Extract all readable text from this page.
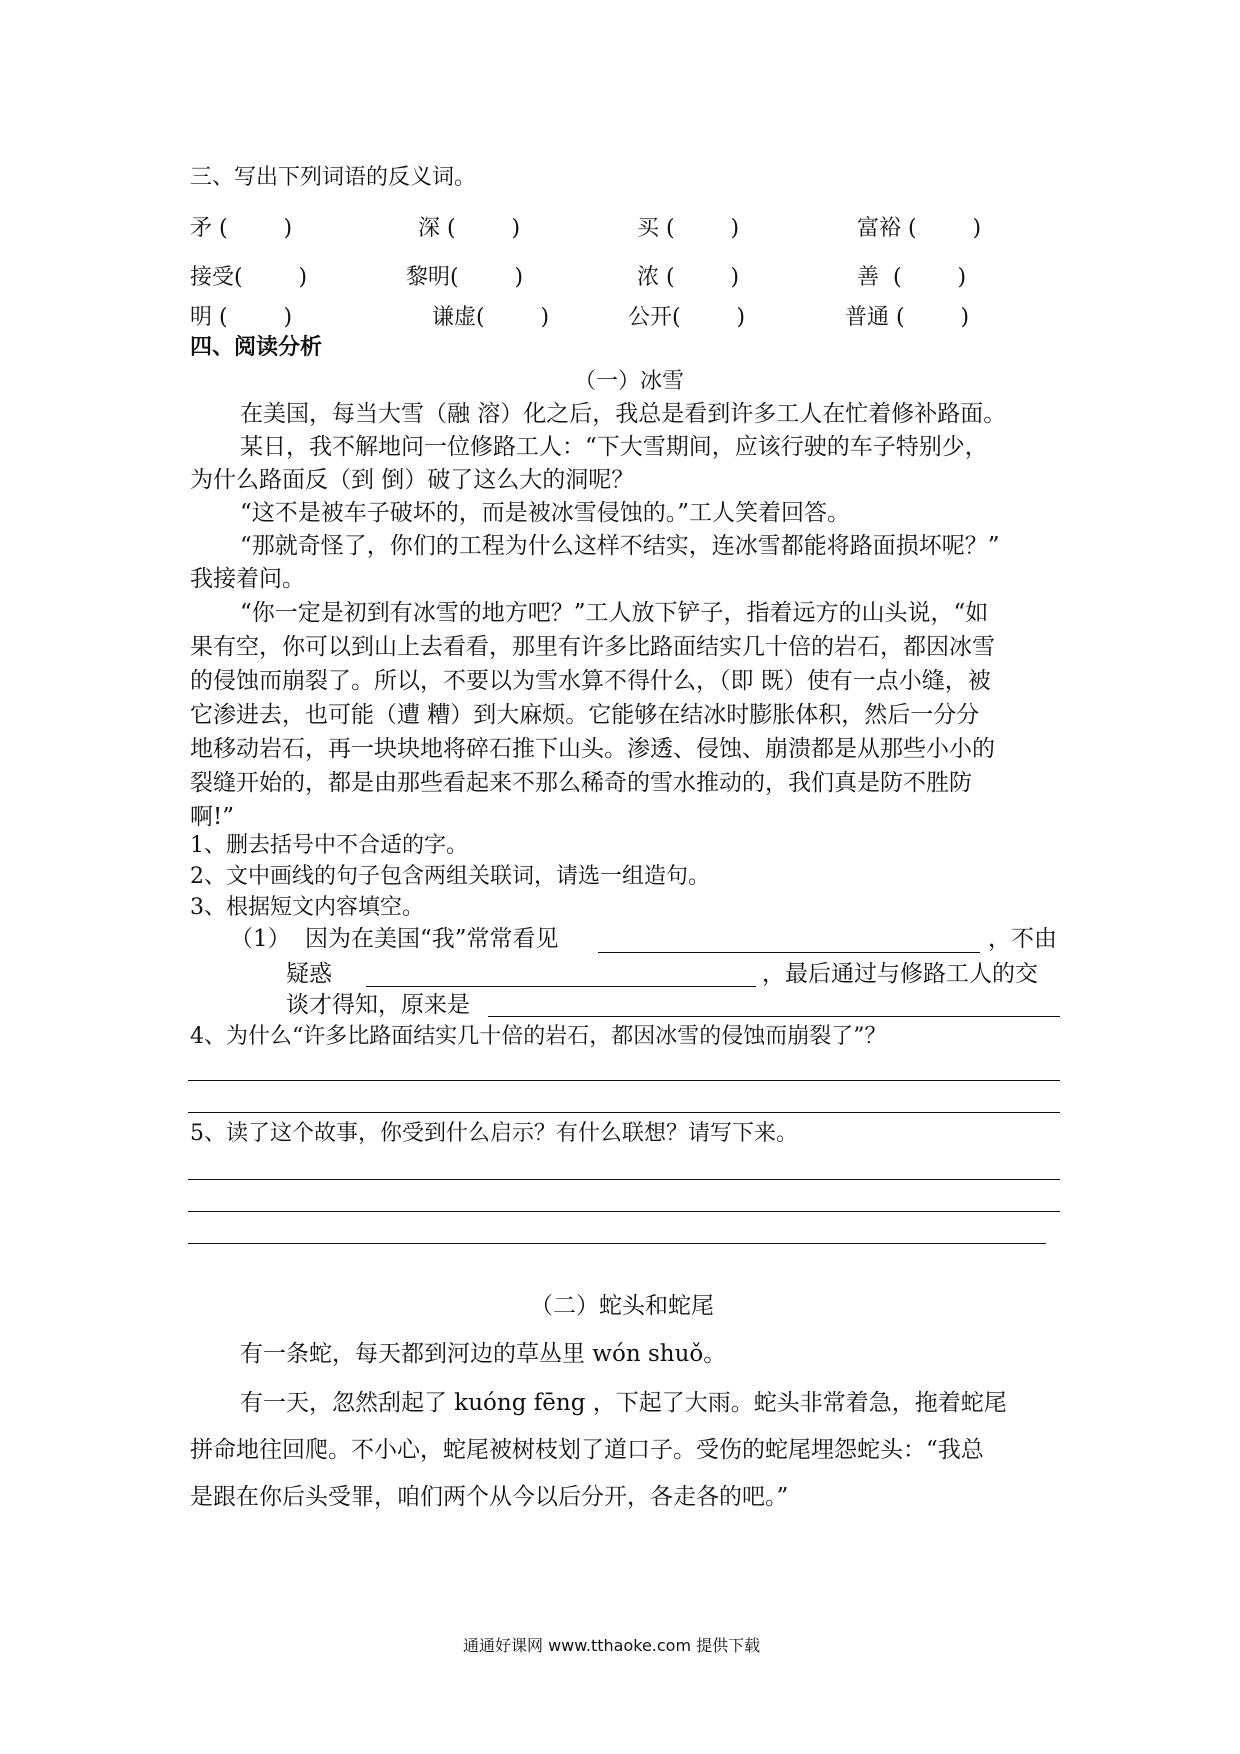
三、写出下列词语的反义词。
矛 (        )	深 (        )	买 (        )	富裕 (        )
接受(        )	黎明(        )	浓 (        )	善  (        )
明 (        )	谦虚(        )	公开(        )	普通 (        )
四、阅读分析
（一）冰雪
在美国，每当大雪（融 溶）化之后，我总是看到许多工人在忙着修补路面。
某日，我不解地问一位修路工人：“下大雪期间，应该行驶的车子特别少，
为什么路面反（到 倒）破了这么大的洞呢？
“这不是被车子破坏的，而是被冰雪侵蚀的。”工人笑着回答。
“那就奇怪了，你们的工程为什么这样不结实，连冰雪都能将路面损坏呢？”
我接着问。
“你一定是初到有冰雪的地方吧？”工人放下铲子，指着远方的山头说，“如
果有空，你可以到山上去看看，那里有许多比路面结实几十倍的岩石，都因冰雪
的侵蚀而崩裂了。所以，不要以为雪水算不得什么，（即 既）使有一点小缝，被
它渗进去，也可能（遭 糟）到大麻烦。它能够在结冰时膨胀体积，然后一分分
地移动岩石，再一块块地将碎石推下山头。渗透、侵蚀、崩溃都是从那些小小的
裂缝开始的，都是由那些看起来不那么稀奇的雪水推动的，我们真是防不胜防
啊!”
1、删去括号中不合适的字。
2、文中画线的句子包含两组关联词，请选一组造句。
3、根据短文内容填空。
（1） 因为在美国“我”常常看见	，不由
疑惑	，最后通过与修路工人的交
谈才得知，原来是
4、为什么“许多比路面结实几十倍的岩石，都因冰雪的侵蚀而崩裂了”？
5、读了这个故事，你受到什么启示？有什么联想？请写下来。
（二）蛇头和蛇尾
有一条蛇，每天都到河边的草丛里 wón shuǒ。
有一天，忽然刮起了 kuóng fēng ，下起了大雨。蛇头非常着急，拖着蛇尾
拼命地往回爬。不小心，蛇尾被树枝划了道口子。受伤的蛇尾埋怨蛇头：“我总
是跟在你后头受罪，咱们两个从今以后分开，各走各的吧。”
通通好课网 www.tthaoke.com 提供下载
